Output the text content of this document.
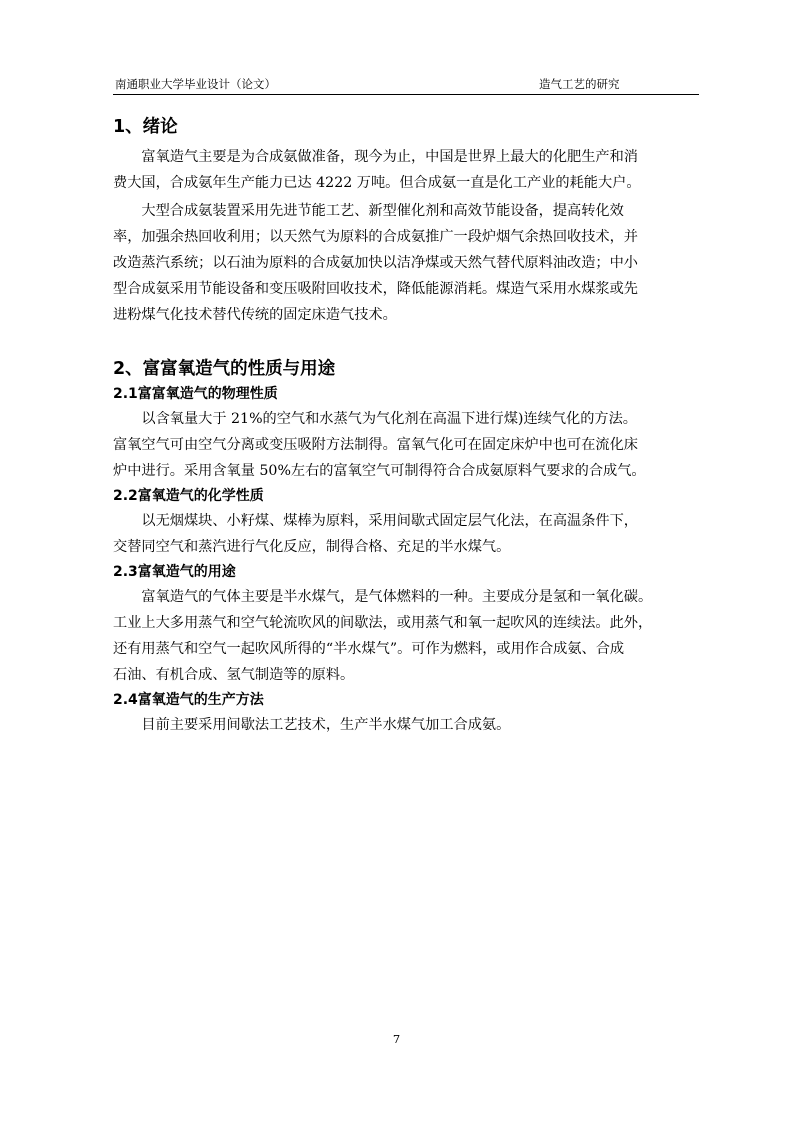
南通职业大学毕业设计（论文）	造气工艺的研究
1、绪论

富氧造气主要是为合成氨做准备，现今为止，中国是世界上最大的化肥生产和消
费大国，合成氨年生产能力已达 4222 万吨。但合成氨一直是化工产业的耗能大户。

大型合成氨装置采用先进节能工艺、新型催化剂和高效节能设备，提高转化效
率，加强余热回收利用；以天然气为原料的合成氨推广一段炉烟气余热回收技术，并
改造蒸汽系统；以石油为原料的合成氨加快以洁净煤或天然气替代原料油改造；中小
型合成氨采用节能设备和变压吸附回收技术，降低能源消耗。煤造气采用水煤浆或先
进粉煤气化技术替代传统的固定床造气技术。

2、富富氧造气的性质与用途
2.1富富氧造气的物理性质

以含氧量大于 21%的空气和水蒸气为气化剂在高温下进行煤)连续气化的方法。
富氧空气可由空气分离或变压吸附方法制得。富氧气化可在固定床炉中也可在流化床
炉中进行。采用含氧量 50%左右的富氧空气可制得符合合成氨原料气要求的合成气。

2.2富氧造气的化学性质

以无烟煤块、小籽煤、煤棒为原料，采用间歇式固定层气化法，在高温条件下，
交替同空气和蒸汽进行气化反应，制得合格、充足的半水煤气。

2.3富氧造气的用途

富氧造气的气体主要是半水煤气，是气体燃料的一种。主要成分是氢和一氧化碳。
工业上大多用蒸气和空气轮流吹风的间歇法，或用蒸气和氧一起吹风的连续法。此外，
还有用蒸气和空气一起吹风所得的“半水煤气”。可作为燃料，或用作合成氨、合成
石油、有机合成、氢气制造等的原料。

2.4富氧造气的生产方法

目前主要采用间歇法工艺技术，生产半水煤气加工合成氨。

7
